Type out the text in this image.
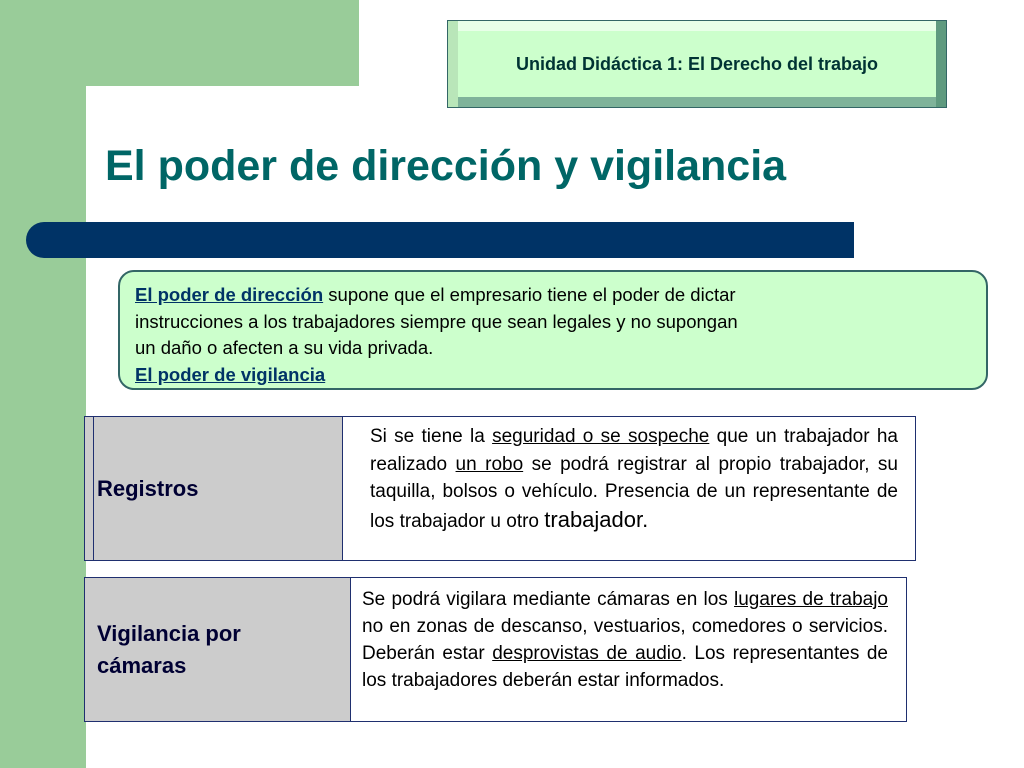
Unidad Didáctica 1: El Derecho del trabajo
El poder de dirección y vigilancia
El poder de dirección supone que el empresario tiene el poder de dictar
instrucciones a los trabajadores siempre que sean legales y no supongan
un daño o afecten a su vida privada.
El poder de vigilancia
Registros
Si se tiene la seguridad o se sospeche que un trabajador ha realizado un robo se podrá registrar al propio trabajador, su taquilla, bolsos o vehículo. Presencia de un representante de los trabajador u otro trabajador.
Vigilancia por cámaras
Se podrá vigilara mediante cámaras en los lugares de trabajo no en zonas de descanso, vestuarios, comedores o servicios. Deberán estar desprovistas de audio. Los representantes de los trabajadores deberán estar informados.
